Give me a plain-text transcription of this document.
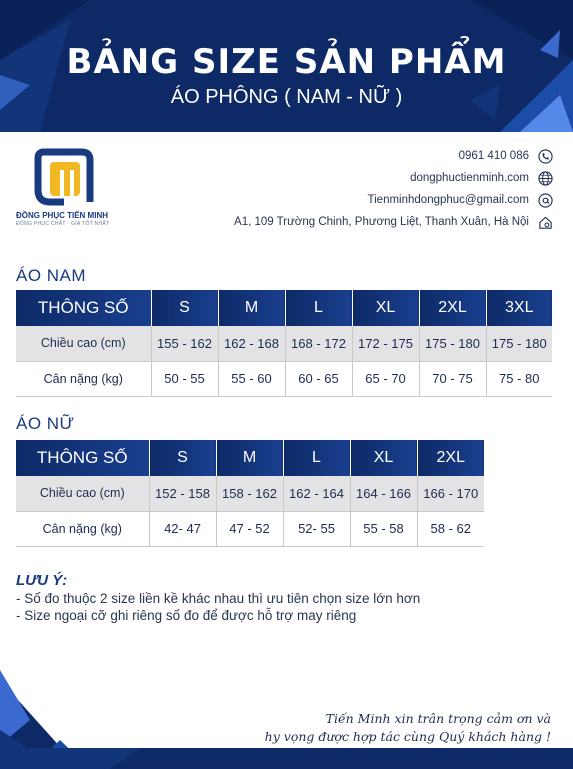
BẢNG SIZE SẢN PHẨM
ÁO PHÔNG ( NAM - NỮ )
ĐỒNG PHỤC TIẾN MINH
ĐỒNG PHỤC CHẤT · GIÁ TỐT NHẤT
0961 410 086
dongphuctienminh.com
Tienminhdongphuc@gmail.com
A1, 109 Trường Chinh, Phương Liệt, Thanh Xuân, Hà Nội
ÁO NAM
THÔNG SỐ	S	M	L	XL	2XL	3XL
Chiều cao (cm)	155 - 162	162 - 168	168 - 172	172 - 175	175 - 180	175 - 180
Cân nặng (kg)	50 - 55	55 - 60	60 - 65	65 - 70	70 - 75	75 - 80
ÁO NỮ
THÔNG SỐ	S	M	L	XL	2XL
Chiều cao (cm)	152 - 158	158 - 162	162 - 164	164 - 166	166 - 170
Cân nặng (kg)	42- 47	47 - 52	52- 55	55 - 58	58 - 62
LƯU Ý:
- Số đo thuộc 2 size liền kề khác nhau thì ưu tiên chọn size lớn hơn
- Size ngoại cỡ ghi riêng số đo để được hỗ trợ may riêng
Tiến Minh xin trân trọng cảm ơn và
hy vọng được hợp tác cùng Quý khách hàng !
